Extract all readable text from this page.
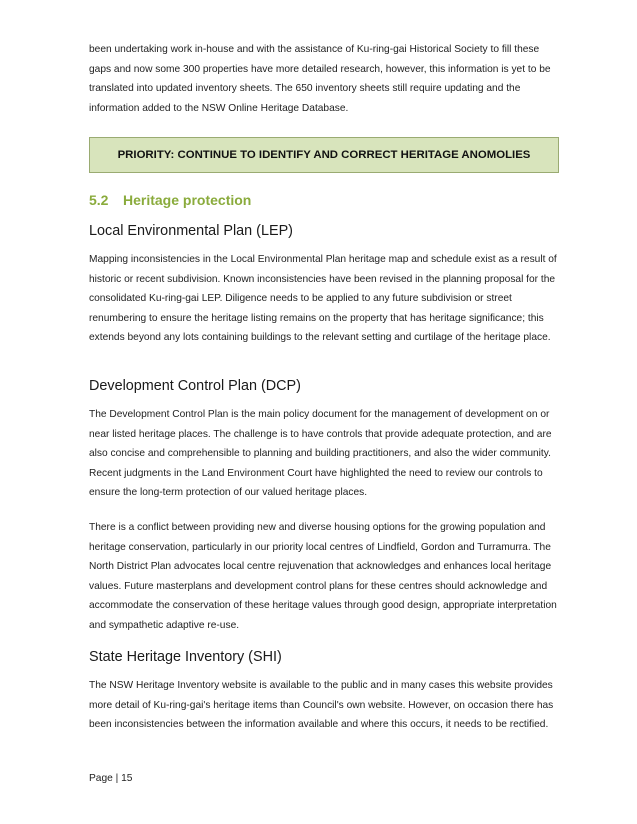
been undertaking work in-house and with the assistance of Ku-ring-gai Historical Society to fill these gaps and now some 300 properties have more detailed research, however, this information is yet to be translated into updated inventory sheets. The 650 inventory sheets still require updating and the information added to the NSW Online Heritage Database.

PRIORITY: CONTINUE TO IDENTIFY AND CORRECT HERITAGE ANOMOLIES
5.2 Heritage protection
Local Environmental Plan (LEP)

Mapping inconsistencies in the Local Environmental Plan heritage map and schedule exist as a result of historic or recent subdivision. Known inconsistencies have been revised in the planning proposal for the consolidated Ku-ring-gai LEP. Diligence needs to be applied to any future subdivision or street renumbering to ensure the heritage listing remains on the property that has heritage significance; this extends beyond any lots containing buildings to the relevant setting and curtilage of the heritage place.

Development Control Plan (DCP)

The Development Control Plan is the main policy document for the management of development on or near listed heritage places. The challenge is to have controls that provide adequate protection, and are also concise and comprehensible to planning and building practitioners, and also the wider community. Recent judgments in the Land Environment Court have highlighted the need to review our controls to ensure the long-term protection of our valued heritage places.

There is a conflict between providing new and diverse housing options for the growing population and heritage conservation, particularly in our priority local centres of Lindfield, Gordon and Turramurra. The North District Plan advocates local centre rejuvenation that acknowledges and enhances local heritage values. Future masterplans and development control plans for these centres should acknowledge and accommodate the conservation of these heritage values through good design, appropriate interpretation and sympathetic adaptive re-use.

State Heritage Inventory (SHI)

The NSW Heritage Inventory website is available to the public and in many cases this website provides more detail of Ku-ring-gai's heritage items than Council's own website. However, on occasion there has been inconsistencies between the information available and where this occurs, it needs to be rectified.

Page | 15
